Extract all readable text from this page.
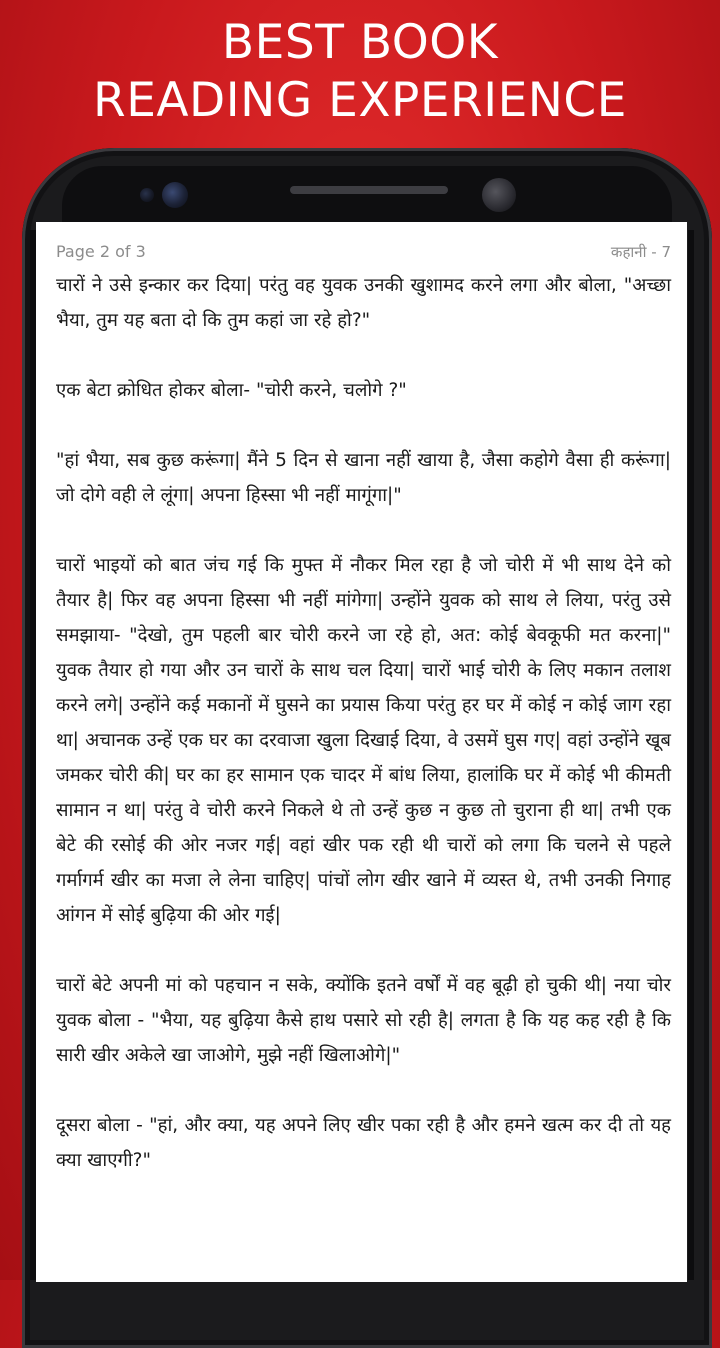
BEST BOOK
READING EXPERIENCE
Page 2 of 3	कहानी - 7

चारों ने उसे इन्कार कर दिया| परंतु वह युवक उनकी खुशामद करने लगा और बोला, "अच्छा भैया, तुम यह बता दो कि तुम कहां जा रहे हो?"

एक बेटा क्रोधित होकर बोला- "चोरी करने, चलोगे ?"

"हां भैया, सब कुछ करूंगा| मैंने 5 दिन से खाना नहीं खाया है, जैसा कहोगे वैसा ही करूंगा| जो दोगे वही ले लूंगा| अपना हिस्सा भी नहीं मागूंगा|"

चारों भाइयों को बात जंच गई कि मुफ्त में नौकर मिल रहा है जो चोरी में भी साथ देने को तैयार है| फिर वह अपना हिस्सा भी नहीं मांगेगा| उन्होंने युवक को साथ ले लिया, परंतु उसे समझाया- "देखो, तुम पहली बार चोरी करने जा रहे हो, अत: कोई बेवकूफी मत करना|" युवक तैयार हो गया और उन चारों के साथ चल दिया| चारों भाई चोरी के लिए मकान तलाश करने लगे| उन्होंने कई मकानों में घुसने का प्रयास किया परंतु हर घर में कोई न कोई जाग रहा था| अचानक उन्हें एक घर का दरवाजा खुला दिखाई दिया, वे उसमें घुस गए| वहां उन्होंने खूब जमकर चोरी की| घर का हर सामान एक चादर में बांध लिया, हालांकि घर में कोई भी कीमती सामान न था| परंतु वे चोरी करने निकले थे तो उन्हें कुछ न कुछ तो चुराना ही था| तभी एक बेटे की रसोई की ओर नजर गई| वहां खीर पक रही थी चारों को लगा कि चलने से पहले गर्मागर्म खीर का मजा ले लेना चाहिए| पांचों लोग खीर खाने में व्यस्त थे, तभी उनकी निगाह आंगन में सोई बुढ़िया की ओर गई|

चारों बेटे अपनी मां को पहचान न सके, क्योंकि इतने वर्षों में वह बूढ़ी हो चुकी थी| नया चोर युवक बोला - "भैया, यह बुढ़िया कैसे हाथ पसारे सो रही है| लगता है कि यह कह रही है कि सारी खीर अकेले खा जाओगे, मुझे नहीं खिलाओगे|"

दूसरा बोला - "हां, और क्या, यह अपने लिए खीर पका रही है और हमने खत्म कर दी तो यह क्या खाएगी?"
